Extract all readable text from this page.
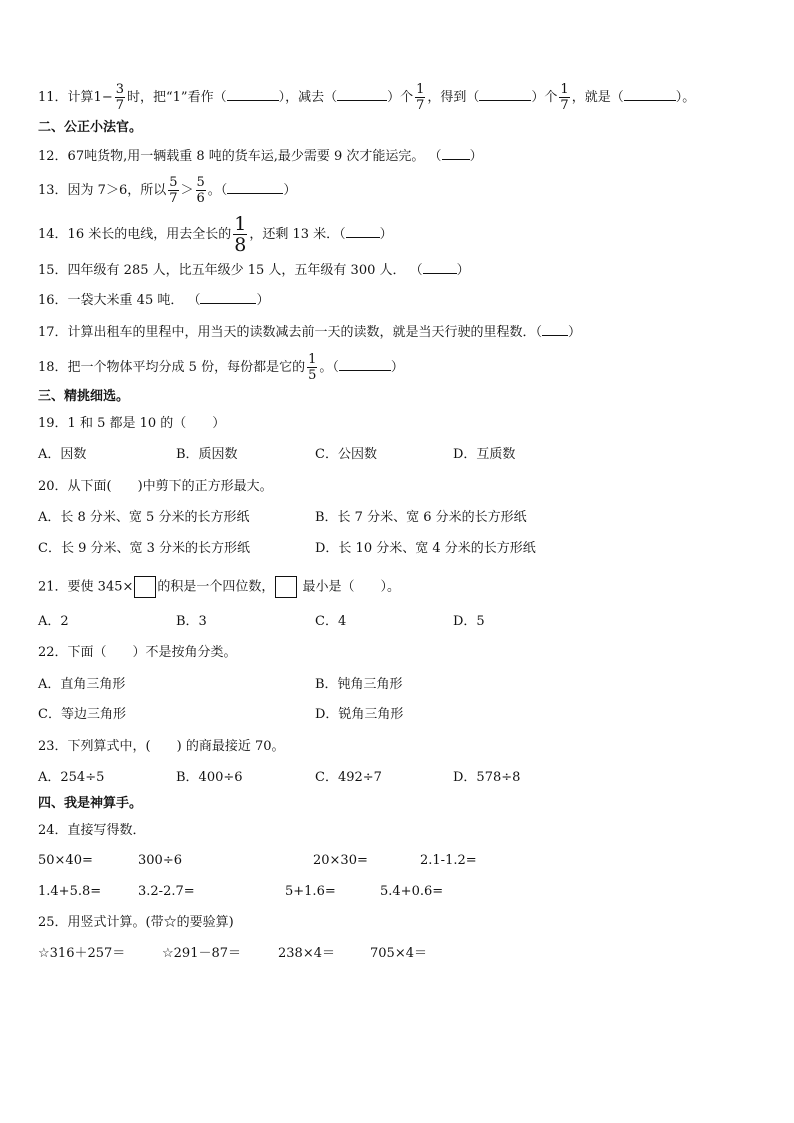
11．计算$1- \frac{3}{7}$ 时，把“1”看作（	），减去（	）个 $\frac{1}{7}$ ，得到（	）个 $\frac{1}{7}$ ，就是（	）。
二、公正小法官。
12．67吨货物,用一辆载重 8 吨的货车运,最少需要 9 次才能运完。 （ ）
13．因为 7＞6，所以 $\frac{5}{7} > \frac{5}{6}$ 。（	）
14．16 米长的电线，用去全长的 $\frac{1}{8}$ ，还剩 13 米．（	）
15．四年级有 285 人，比五年级少 15 人，五年级有 300 人． （	）
16．一袋大米重 45 吨． （	）
17．计算出租车的里程中，用当天的读数减去前一天的读数，就是当天行驶的里程数．（ ）
18．把一个物体平均分成 5 份，每份都是它的 $\frac{1}{5}$ 。（	）
三、精挑细选。
19．1 和 5 都是 10 的（　　）
A．因数	B．质因数	C．公因数	D．互质数
20．从下面(　　)中剪下的正方形最大。
A．长 8 分米、宽 5 分米的长方形纸	B．长 7 分米、宽 6 分米的长方形纸
C．长 9 分米、宽 3 分米的长方形纸	D．长 10 分米、宽 4 分米的长方形纸
21．要使 345× 的积是一个四位数， 最小是（　　）。
A．2	B．3	C．4	D．5
22．下面（　　）不是按角分类。
A．直角三角形	B．钝角三角形
C．等边三角形	D．锐角三角形
23．下列算式中，(　　) 的商最接近 70。
A．254÷5	B．400÷6	C．492÷7	D．578÷8
四、我是神算手。
24．直接写得数．
50×40=	300÷6	20×30=	2.1-1.2=
1.4+5.8=	3.2-2.7=	5+1.6=	5.4+0.6=
25．用竖式计算。(带☆的要验算)
☆316＋257＝	☆291－87＝	238×4＝	705×4＝
